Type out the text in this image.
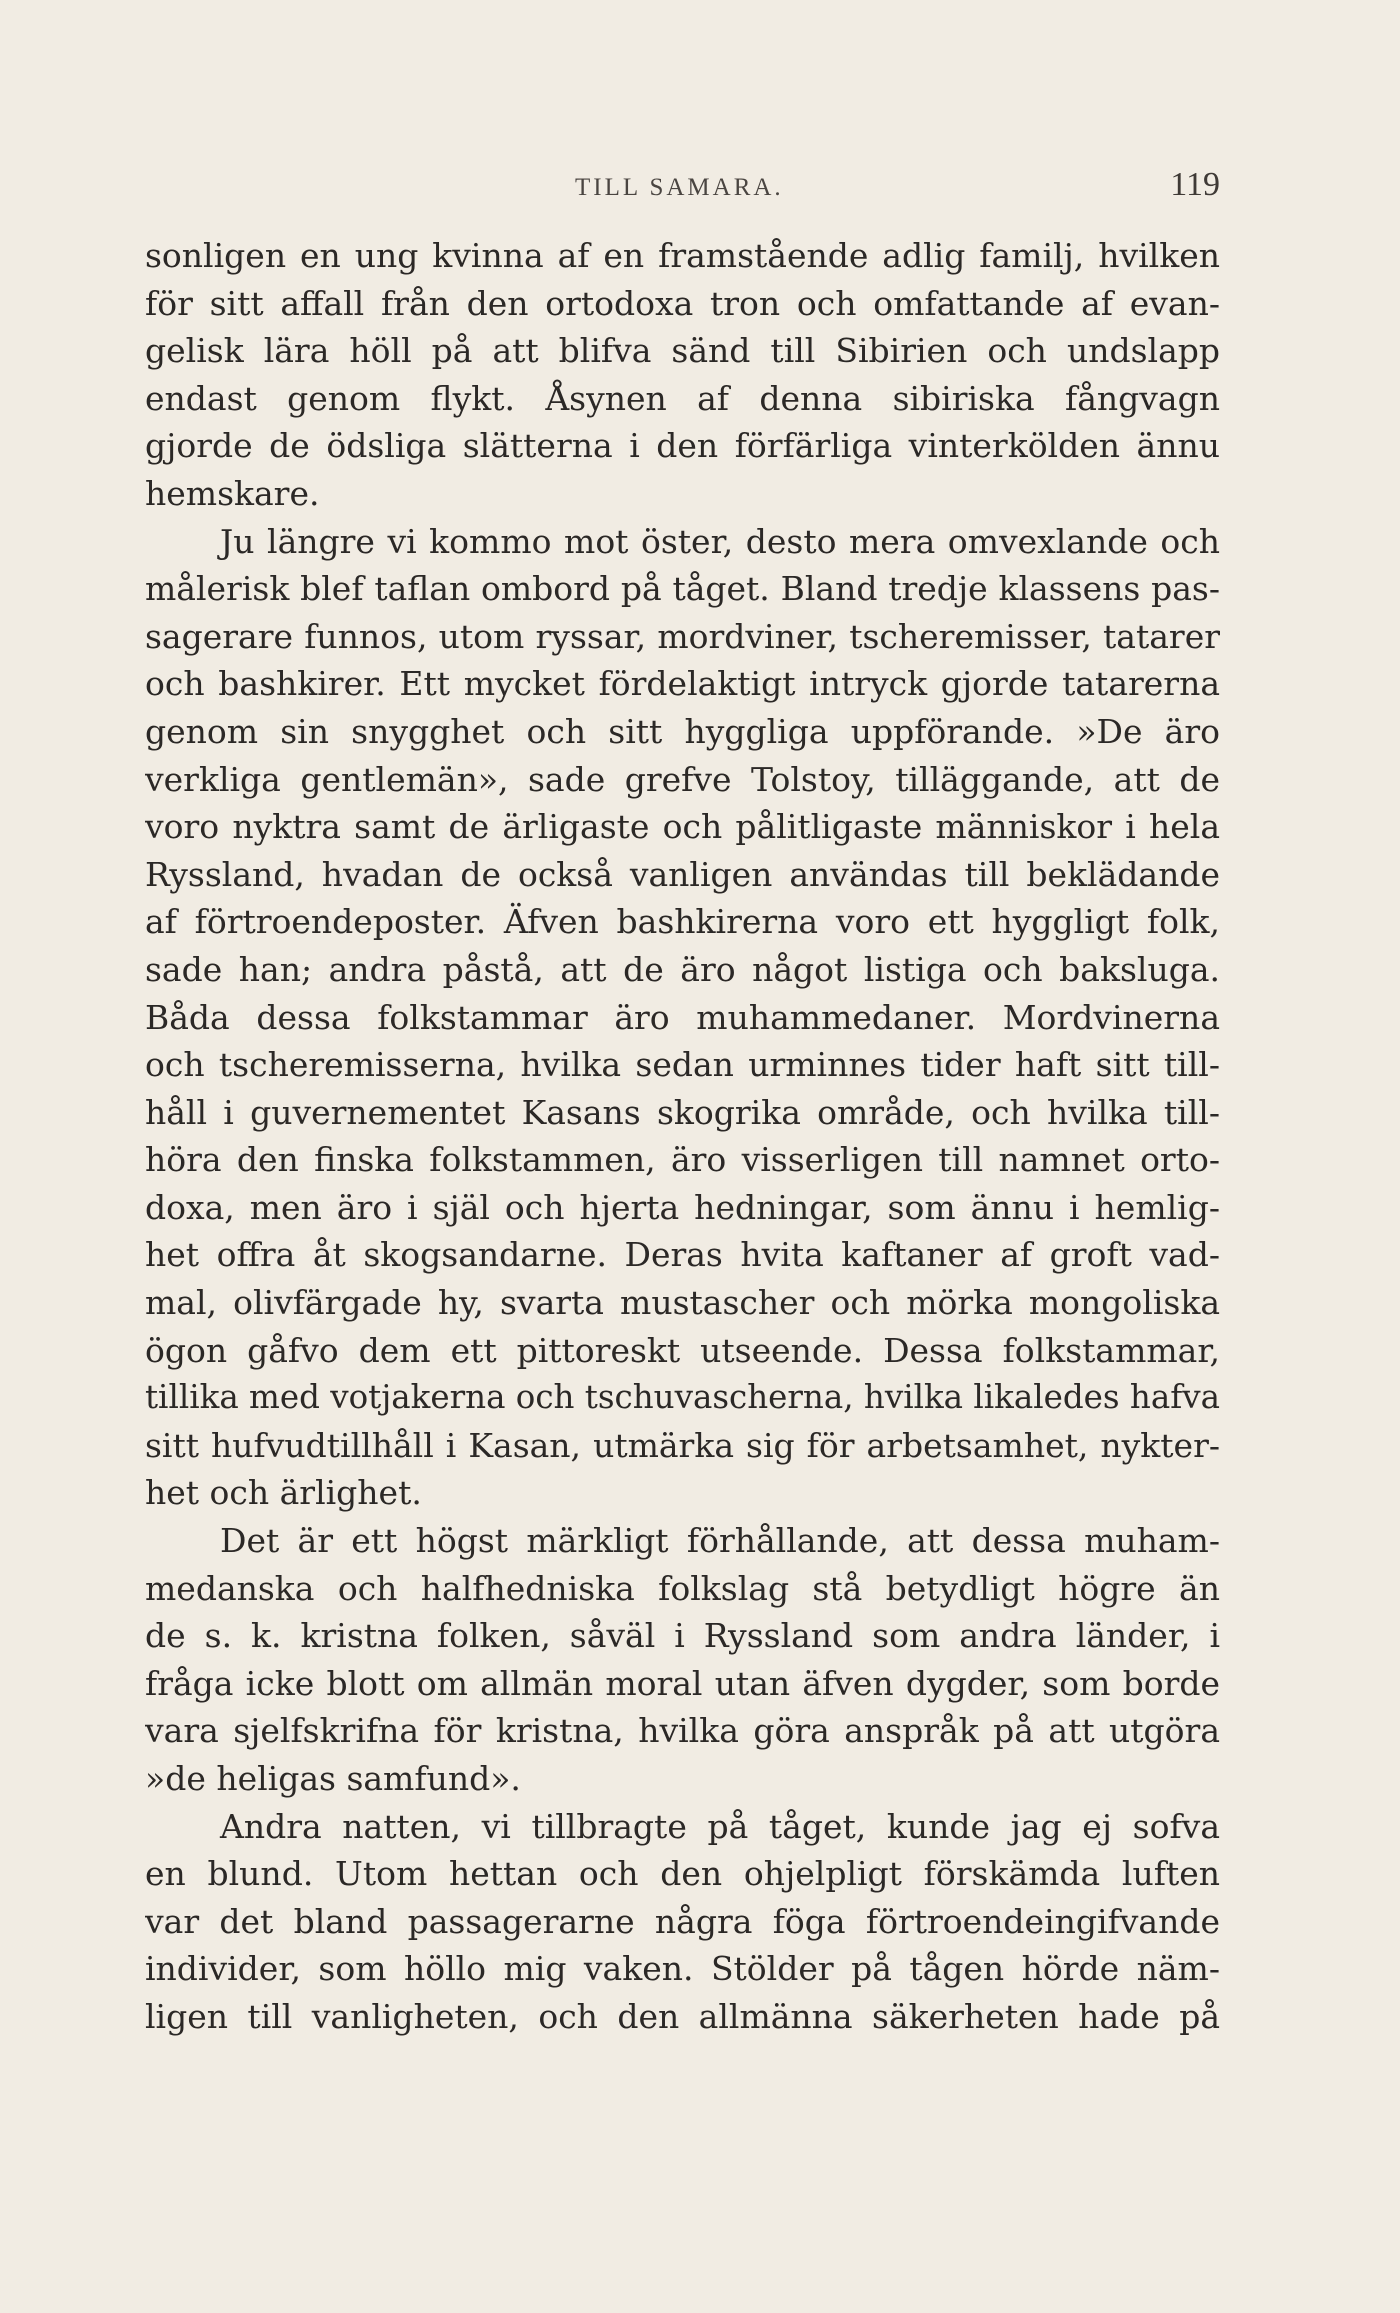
TILL SAMARA.	119
sonligen en ung kvinna af en framstående adlig familj, hvilken
för sitt affall från den ortodoxa tron och omfattande af evan-
gelisk lära höll på att blifva sänd till Sibirien och undslapp
endast genom flykt. Åsynen af denna sibiriska fångvagn
gjorde de ödsliga slätterna i den förfärliga vinterkölden ännu
hemskare.
Ju längre vi kommo mot öster, desto mera omvexlande och
målerisk blef taflan ombord på tåget. Bland tredje klassens pas-
sagerare funnos, utom ryssar, mordviner, tscheremisser, tatarer
och bashkirer. Ett mycket fördelaktigt intryck gjorde tatarerna
genom sin snygghet och sitt hyggliga uppförande. »De äro
verkliga gentlemän», sade grefve Tolstoy, tilläggande, att de
voro nyktra samt de ärligaste och pålitligaste människor i hela
Ryssland, hvadan de också vanligen användas till beklädande
af förtroendeposter. Äfven bashkirerna voro ett hyggligt folk,
sade han; andra påstå, att de äro något listiga och baksluga.
Båda dessa folkstammar äro muhammedaner. Mordvinerna
och tscheremisserna, hvilka sedan urminnes tider haft sitt till-
håll i guvernementet Kasans skogrika område, och hvilka till-
höra den finska folkstammen, äro visserligen till namnet orto-
doxa, men äro i själ och hjerta hedningar, som ännu i hemlig-
het offra åt skogsandarne. Deras hvita kaftaner af groft vad-
mal, olivfärgade hy, svarta mustascher och mörka mongoliska
ögon gåfvo dem ett pittoreskt utseende. Dessa folkstammar,
tillika med votjakerna och tschuvascherna, hvilka likaledes hafva
sitt hufvudtillhåll i Kasan, utmärka sig för arbetsamhet, nykter-
het och ärlighet.
Det är ett högst märkligt förhållande, att dessa muham-
medanska och halfhedniska folkslag stå betydligt högre än
de s. k. kristna folken, såväl i Ryssland som andra länder, i
fråga icke blott om allmän moral utan äfven dygder, som borde
vara sjelfskrifna för kristna, hvilka göra anspråk på att utgöra
»de heligas samfund».
Andra natten, vi tillbragte på tåget, kunde jag ej sofva
en blund. Utom hettan och den ohjelpligt förskämda luften
var det bland passagerarne några föga förtroendeingifvande
individer, som höllo mig vaken. Stölder på tågen hörde näm-
ligen till vanligheten, och den allmänna säkerheten hade på
